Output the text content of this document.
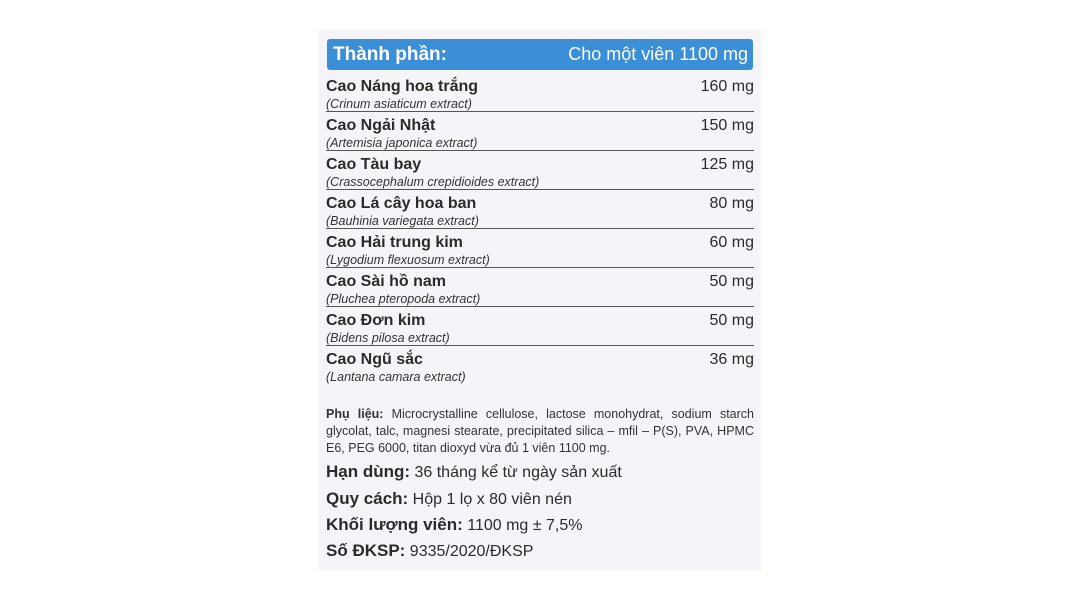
Thành phần:	Cho một viên 1100 mg
Cao Náng hoa trắng
(Crinum asiaticum extract)
160 mg
Cao Ngải Nhật
(Artemisia japonica extract)
150 mg
Cao Tàu bay
(Crassocephalum crepidioides extract)
125 mg
Cao Lá cây hoa ban
(Bauhinia variegata extract)
80 mg
Cao Hải trung kim
(Lygodium flexuosum extract)
60 mg
Cao Sài hồ nam
(Pluchea pteropoda extract)
50 mg
Cao Đơn kim
(Bidens pilosa extract)
50 mg
Cao Ngũ sắc
(Lantana camara extract)
36 mg
Phụ liệu: Microcrystalline cellulose, lactose monohydrat, sodium starch glycolat, talc, magnesi stearate, precipitated silica – mfil – P(S), PVA, HPMC E6, PEG 6000, titan dioxyd vừa đủ 1 viên 1100 mg.
Hạn dùng: 36 tháng kể từ ngày sản xuất
Quy cách: Hộp 1 lọ x 80 viên nén
Khối lượng viên: 1100 mg ± 7,5%
Số ĐKSP: 9335/2020/ĐKSP
